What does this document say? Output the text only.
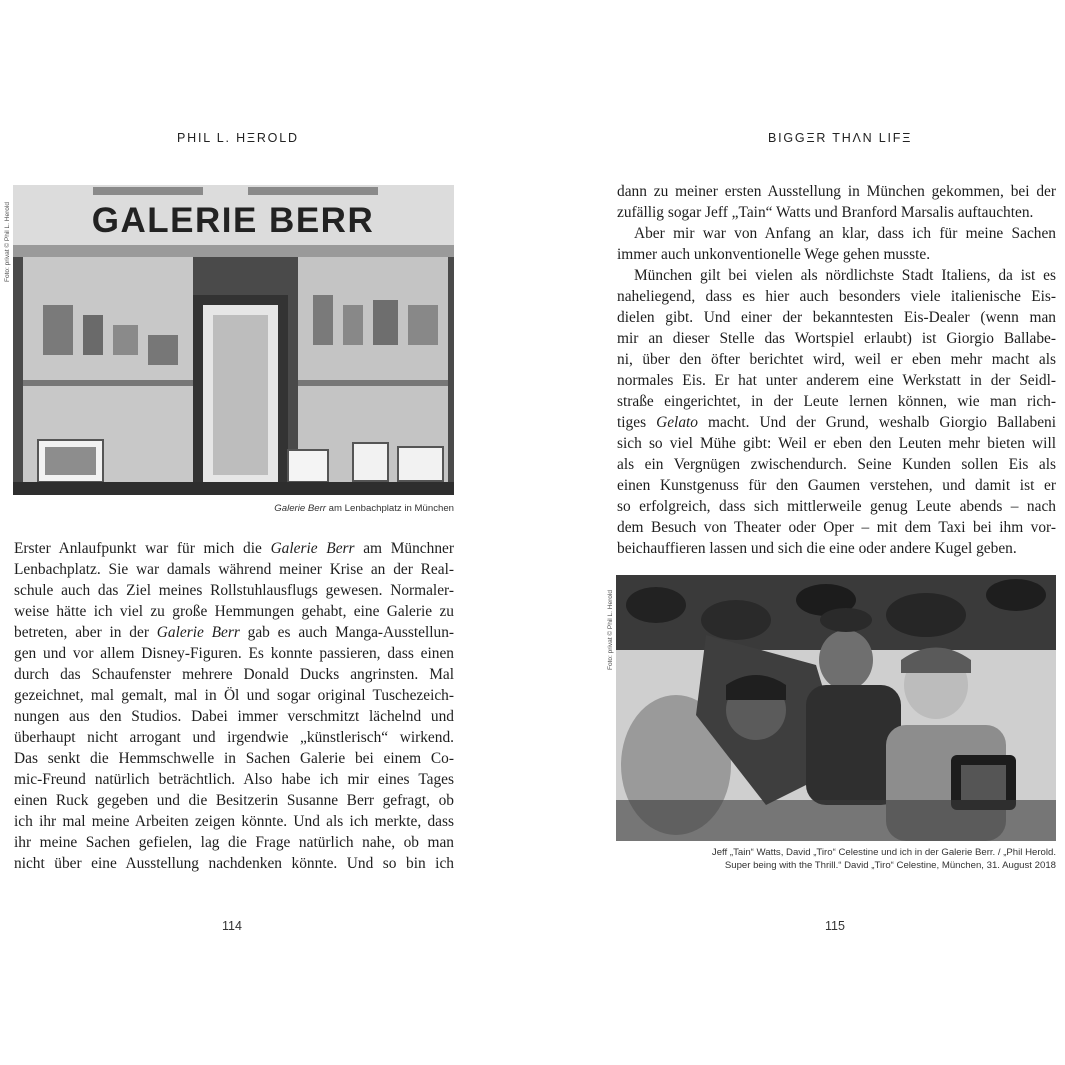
PHIL L. HΞROLD
Foto: privat © Phil L. Herold GALERIE BERR
Galerie Berr am Lenbachplatz in München
Erster Anlaufpunkt war für mich die Galerie Berr am Münchner
Lenbachplatz. Sie war damals während meiner Krise an der Real-
schule auch das Ziel meines Rollstuhlausflugs gewesen. Normaler-
weise hätte ich viel zu große Hemmungen gehabt, eine Galerie zu
betreten, aber in der Galerie Berr gab es auch Manga-Ausstellun-
gen und vor allem Disney-Figuren. Es konnte passieren, dass einen
durch das Schaufenster mehrere Donald Ducks angrinsten. Mal
gezeichnet, mal gemalt, mal in Öl und sogar original Tuschezeich-
nungen aus den Studios. Dabei immer verschmitzt lächelnd und
überhaupt nicht arrogant und irgendwie „künstlerisch“ wirkend.
Das senkt die Hemmschwelle in Sachen Galerie bei einem Co-
mic-Freund natürlich beträchtlich. Also habe ich mir eines Tages
einen Ruck gegeben und die Besitzerin Susanne Berr gefragt, ob
ich ihr mal meine Arbeiten zeigen könnte. Und als ich merkte, dass
ihr meine Sachen gefielen, lag die Frage natürlich nahe, ob man
nicht über eine Ausstellung nachdenken könnte. Und so bin ich
114
BIGGΞR THΛN LIFΞ
dann zu meiner ersten Ausstellung in München gekommen, bei der
zufällig sogar Jeff „Tain“ Watts und Branford Marsalis auftauchten.
Aber mir war von Anfang an klar, dass ich für meine Sachen
immer auch unkonventionelle Wege gehen musste.
München gilt bei vielen als nördlichste Stadt Italiens, da ist es
naheliegend, dass es hier auch besonders viele italienische Eis-
dielen gibt. Und einer der bekanntesten Eis-Dealer (wenn man
mir an dieser Stelle das Wortspiel erlaubt) ist Giorgio Ballabe-
ni, über den öfter berichtet wird, weil er eben mehr macht als
normales Eis. Er hat unter anderem eine Werkstatt in der Seidl-
straße eingerichtet, in der Leute lernen können, wie man rich-
tiges Gelato macht. Und der Grund, weshalb Giorgio Ballabeni
sich so viel Mühe gibt: Weil er eben den Leuten mehr bieten will
als ein Vergnügen zwischendurch. Seine Kunden sollen Eis als
einen Kunstgenuss für den Gaumen verstehen, und damit ist er
so erfolgreich, dass sich mittlerweile genug Leute abends – nach
dem Besuch von Theater oder Oper – mit dem Taxi bei ihm vor-
beichauffieren lassen und sich die eine oder andere Kugel geben.
Foto: privat © Phil L. Herold
Jeff „Tain“ Watts, David „Tiro“ Celestine und ich in der Galerie Berr. / „Phil Herold.
Super being with the Thrill.“ David „Tiro“ Celestine, München, 31. August 2018
115
